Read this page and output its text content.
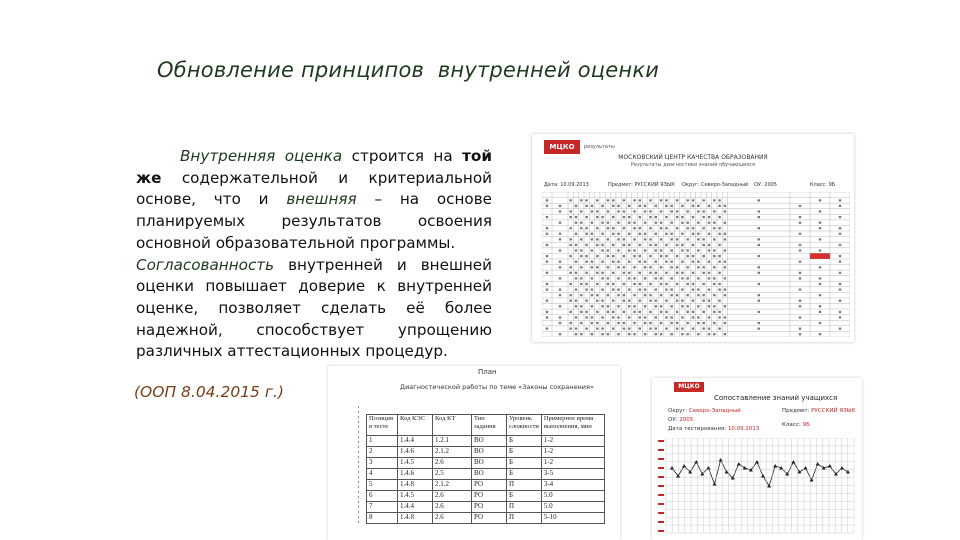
Обновление принципов  внутренней оценки
Внутренняя оценка строится на той
же содержательной и критериальной
основе, что и внешняя – на основе
планируемых результатов освоения
основной образовательной программы.
Согласованность внутренней и внешней
оценки повышает доверие к внутренней
оценке, позволяет сделать её более
надежной, способствует упрощению
различных аттестационных процедур.
(ООП 8.04.2015 г.)
МЦКО	результаты
МОСКОВСКИЙ ЦЕНТР КАЧЕСТВА ОБРАЗОВАНИЯ
Результаты диагностики знаний обучающихся
Дата: 10.09.2013	Предмет: РУССКИЙ ЯЗЫК Округ: Северо-Западный ОУ: 2005	Класс: 9Б
План
Диагностической работы по теме «Законы сохранения»
Позиция в тесте	Код КЭС	Код КТ	Тип задания	Уровень сложности	Примерное время выполнения, мин
1	1.4.4	1.2.1	ВО	Б	1-2
2	1.4.6	2.1.2	ВО	Б	1-2
3	1.4.5	2.6	ВО	Б	1-2
4	1.4.6	2.5	ВО	Б	3-5
5	1.4.8	2.1.2	РО	П	3-4
6	1.4.5	2.6	РО	Б	5.0
7	1.4.4	2.6	РО	П	5.0
8	1.4.8	2.6	РО	П	5-10
МЦКО
Сопоставление знаний учащихся
Округ: Северо-Западный	Предмет: РУССКИЙ ЯЗЫК
ОУ: 2005
Класс: 9Б
Дата тестирования: 10.09.2013
